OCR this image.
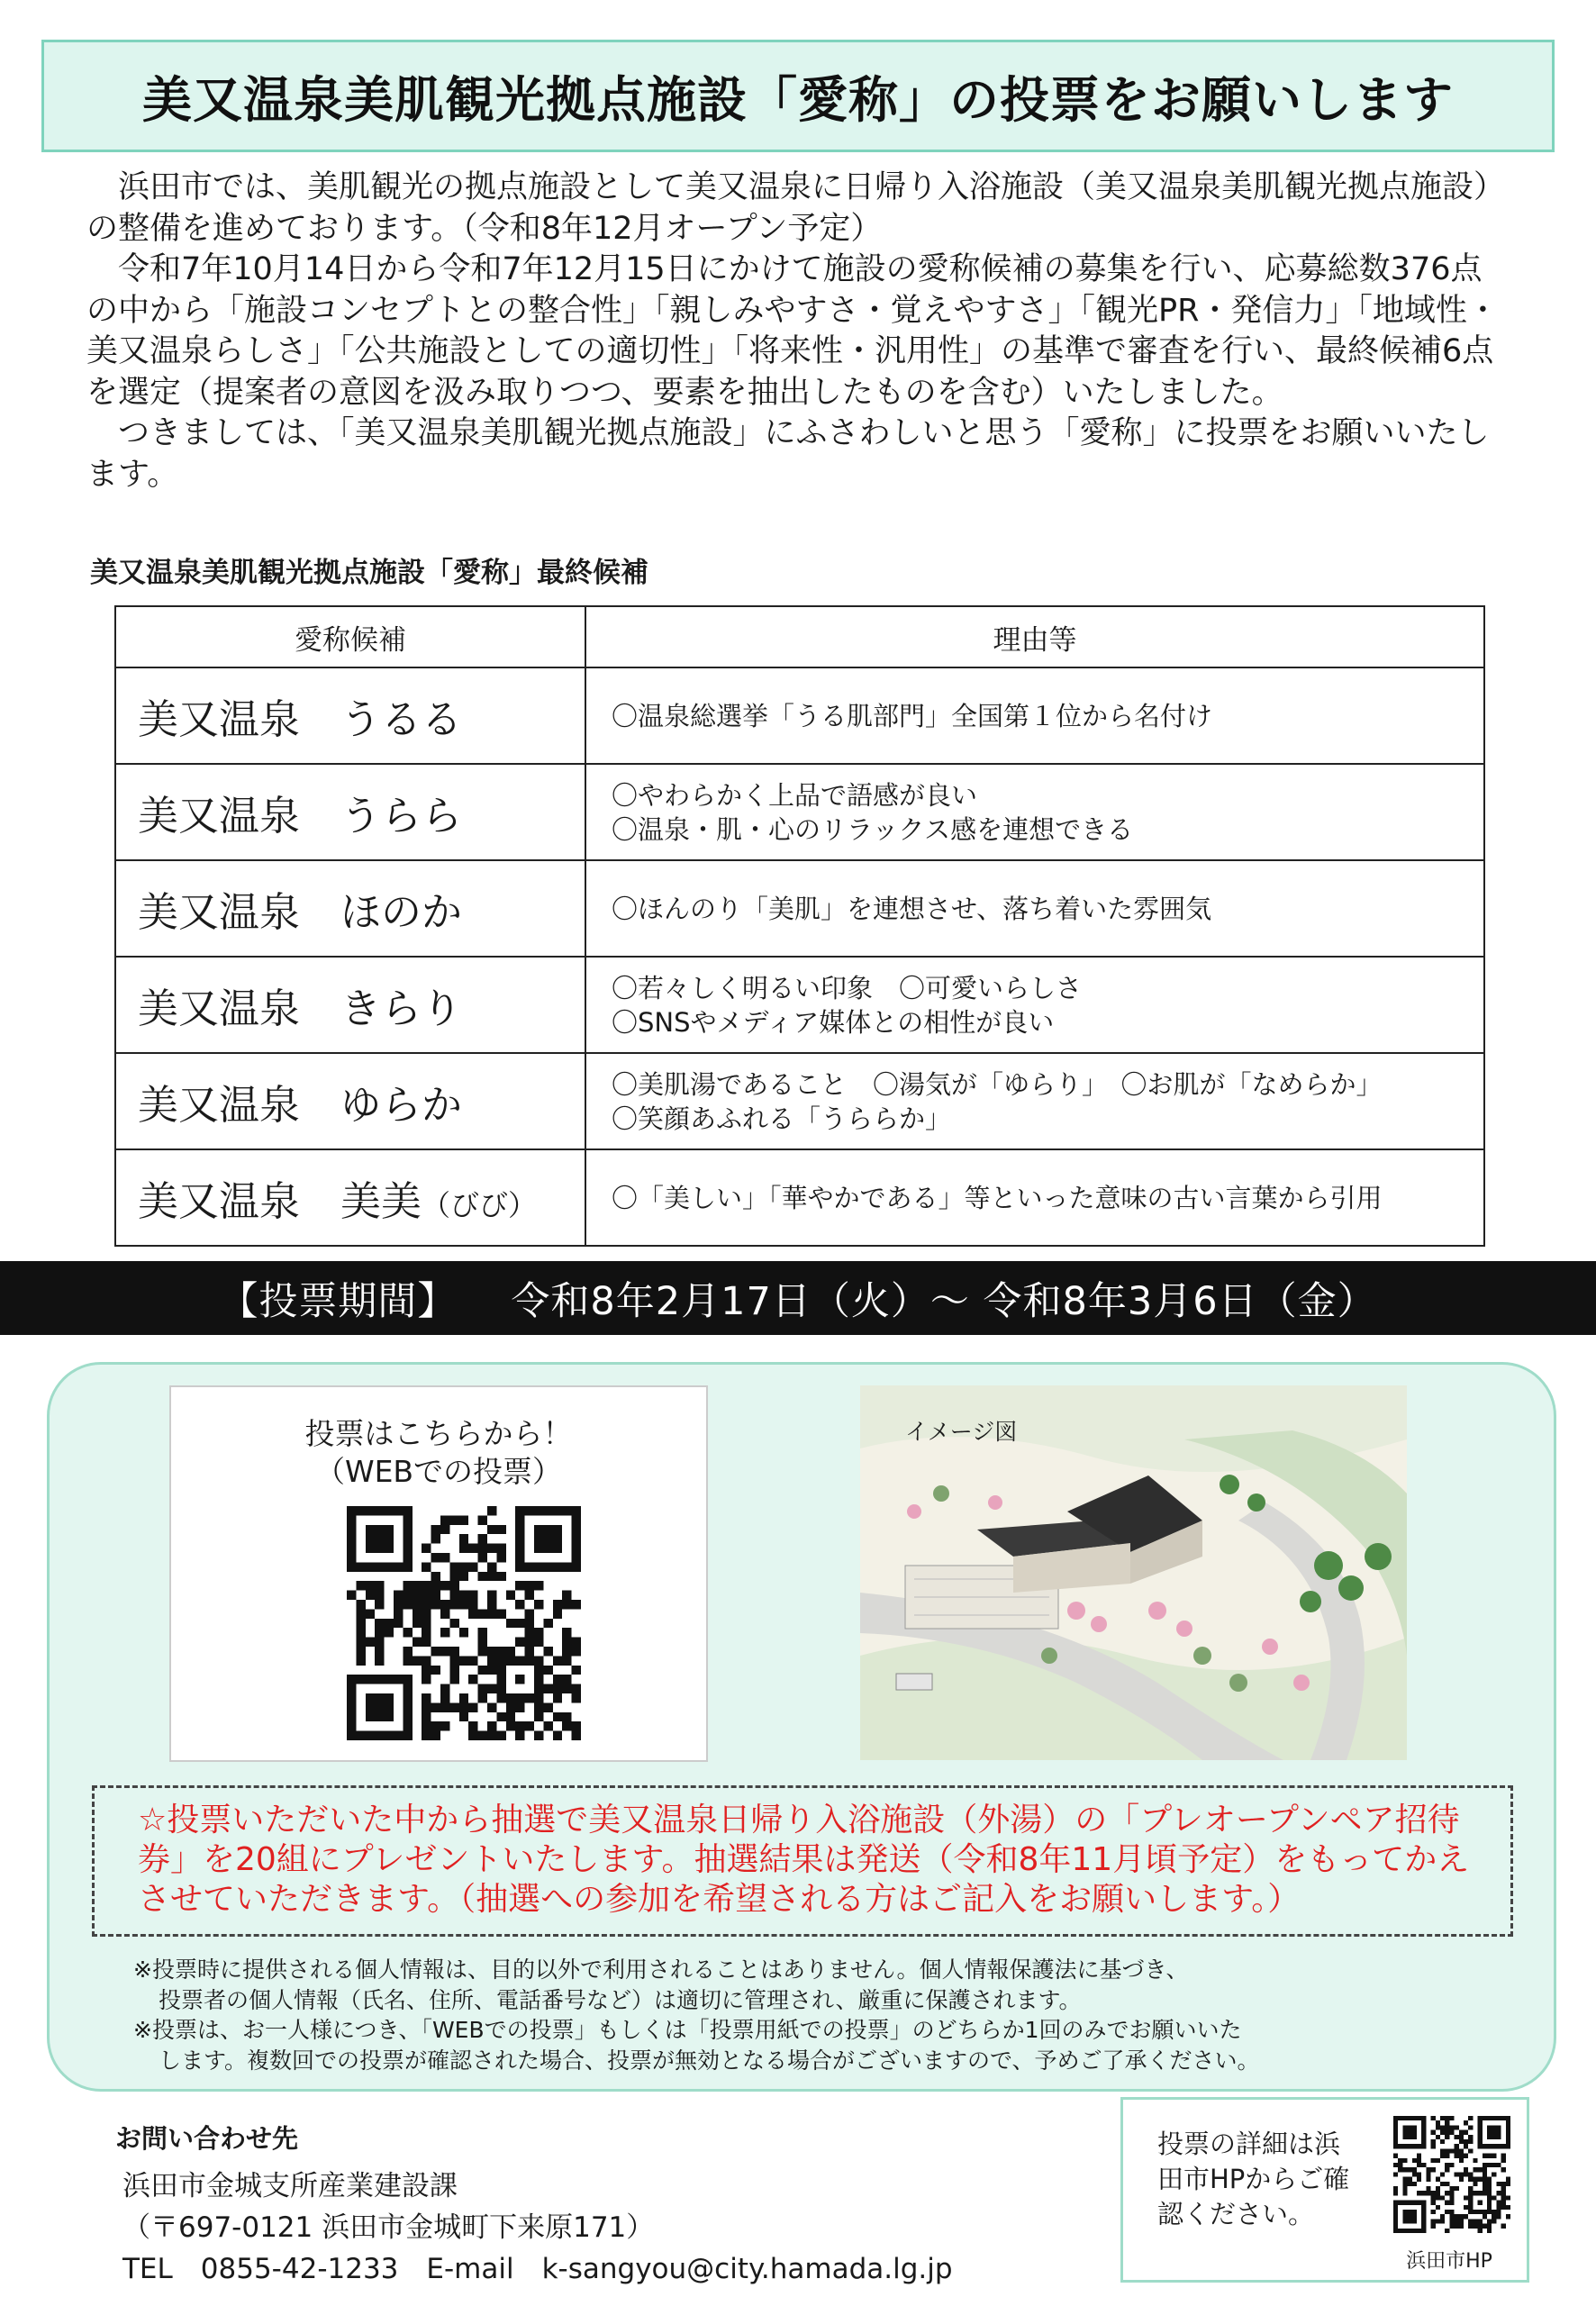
美又温泉美肌観光拠点施設「愛称」の投票をお願いします

浜田市では、美肌観光の拠点施設として美又温泉に日帰り入浴施設（美又温泉美肌観光拠点施設）の整備を進めております。（令和8年12月オープン予定）

令和7年10月14日から令和7年12月15日にかけて施設の愛称候補の募集を行い、応募総数376点の中から「施設コンセプトとの整合性」「親しみやすさ・覚えやすさ」「観光PR・発信力」「地域性・美又温泉らしさ」「公共施設としての適切性」「将来性・汎用性」の基準で審査を行い、最終候補6点を選定（提案者の意図を汲み取りつつ、要素を抽出したものを含む）いたしました。

つきましては、「美又温泉美肌観光拠点施設」にふさわしいと思う「愛称」に投票をお願いいたします。

美又温泉美肌観光拠点施設「愛称」最終候補
愛称候補	理由等
美又温泉　うるる	〇温泉総選挙「うる肌部門」全国第１位から名付け

美又温泉　うらら	〇やわらかく上品で語感が良い
〇温泉・肌・心のリラックス感を連想できる

美又温泉　ほのか	〇ほんのり「美肌」を連想させ、落ち着いた雰囲気

美又温泉　きらり	〇若々しく明るい印象　〇可愛いらしさ
〇SNSやメディア媒体との相性が良い

美又温泉　ゆらか	〇美肌湯であること　〇湯気が「ゆらり」　〇お肌が「なめらか」
〇笑顔あふれる「うららか」

美又温泉　美美（びび）	〇「美しい」「華やかである」等といった意味の古い言葉から引用
【投票期間】 令和8年2月17日（火）～ 令和8年3月6日（金）
投票はこちらから！
（WEBでの投票）
イメージ図
☆投票いただいた中から抽選で美又温泉日帰り入浴施設（外湯）の「プレオープンペア招待券」を20組にプレゼントいたします。抽選結果は発送（令和8年11月頃予定）をもってかえさせていただきます。（抽選への参加を希望される方はご記入をお願いします。）
※投票時に提供される個人情報は、目的以外で利用されることはありません。個人情報保護法に基づき、
投票者の個人情報（氏名、住所、電話番号など）は適切に管理され、厳重に保護されます。
※投票は、お一人様につき、「WEBでの投票」もしくは「投票用紙での投票」のどちらか1回のみでお願いいた
します。複数回での投票が確認された場合、投票が無効となる場合がございますので、予めご了承ください。
お問い合わせ先
浜田市金城支所産業建設課
（〒697-0121 浜田市金城町下来原171）
TEL　0855-42-1233　E-mail　k-sangyou@city.hamada.lg.jp
投票の詳細は浜田市HPからご確認ください。
浜田市HP
